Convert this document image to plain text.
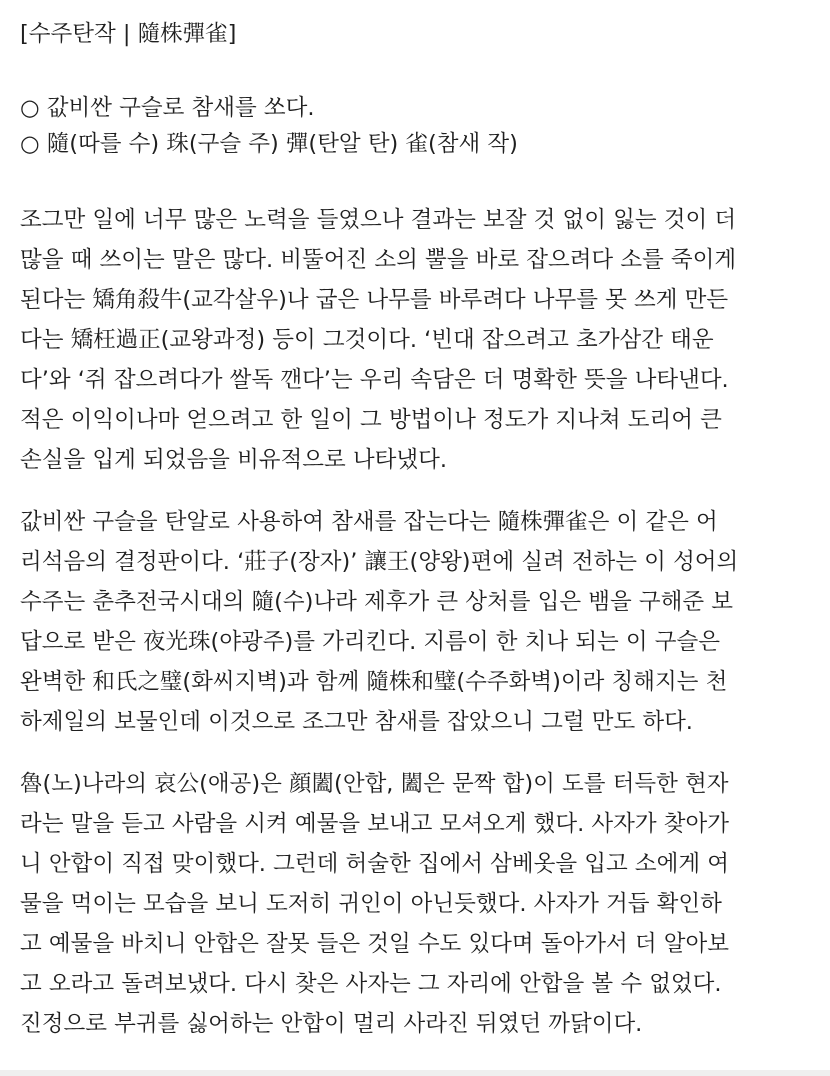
[수주탄작 | 隨株彈雀]
○ 값비싼 구슬로 참새를 쏘다.
○ 隨(따를 수) 珠(구슬 주) 彈(탄알 탄) 雀(참새 작)
조그만 일에 너무 많은 노력을 들였으나 결과는 보잘 것 없이 잃는 것이 더
많을 때 쓰이는 말은 많다. 비뚤어진 소의 뿔을 바로 잡으려다 소를 죽이게
된다는 矯角殺牛(교각살우)나 굽은 나무를 바루려다 나무를 못 쓰게 만든
다는 矯枉過正(교왕과정) 등이 그것이다. ‘빈대 잡으려고 초가삼간 태운
다’와 ‘쥐 잡으려다가 쌀독 깬다’는 우리 속담은 더 명확한 뜻을 나타낸다.
적은 이익이나마 얻으려고 한 일이 그 방법이나 정도가 지나쳐 도리어 큰
손실을 입게 되었음을 비유적으로 나타냈다.
값비싼 구슬을 탄알로 사용하여 참새를 잡는다는 隨株彈雀은 이 같은 어
리석음의 결정판이다. ‘莊子(장자)’ 讓王(양왕)편에 실려 전하는 이 성어의
수주는 춘추전국시대의 隨(수)나라 제후가 큰 상처를 입은 뱀을 구해준 보
답으로 받은 夜光珠(야광주)를 가리킨다. 지름이 한 치나 되는 이 구슬은
완벽한 和氏之璧(화씨지벽)과 함께 隨株和璧(수주화벽)이라 칭해지는 천
하제일의 보물인데 이것으로 조그만 참새를 잡았으니 그럴 만도 하다.
魯(노)나라의 哀公(애공)은 顔闔(안합, 闔은 문짝 합)이 도를 터득한 현자
라는 말을 듣고 사람을 시켜 예물을 보내고 모셔오게 했다. 사자가 찾아가
니 안합이 직접 맞이했다. 그런데 허술한 집에서 삼베옷을 입고 소에게 여
물을 먹이는 모습을 보니 도저히 귀인이 아닌듯했다. 사자가 거듭 확인하
고 예물을 바치니 안합은 잘못 들은 것일 수도 있다며 돌아가서 더 알아보
고 오라고 돌려보냈다. 다시 찾은 사자는 그 자리에 안합을 볼 수 없었다.
진정으로 부귀를 싫어하는 안합이 멀리 사라진 뒤였던 까닭이다.
